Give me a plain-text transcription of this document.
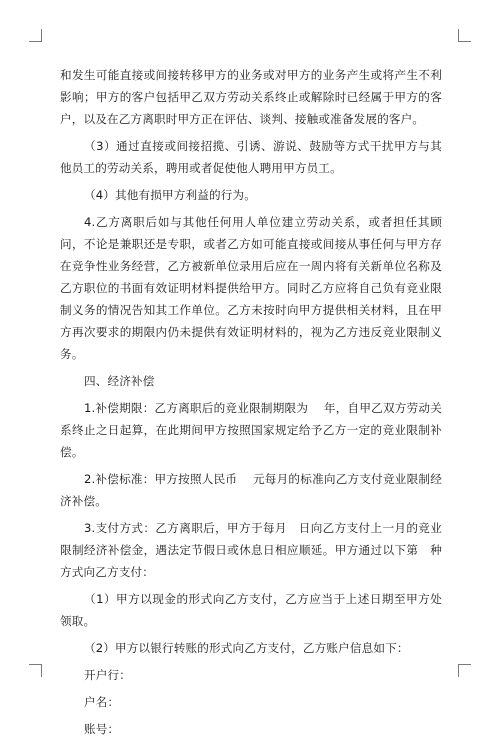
和发生可能直接或间接转移甲方的业务或对甲方的业务产生或将产生不利影响；甲方的客户包括甲乙双方劳动关系终止或解除时已经属于甲方的客户，以及在乙方离职时甲方正在评估、谈判、接触或准备发展的客户。

（3）通过直接或间接招揽、引诱、游说、鼓励等方式干扰甲方与其他员工的劳动关系，聘用或者促使他人聘用甲方员工。

（4）其他有损甲方利益的行为。

4.乙方离职后如与其他任何用人单位建立劳动关系，或者担任其顾问，不论是兼职还是专职，或者乙方如可能直接或间接从事任何与甲方存在竞争性业务经营，乙方被新单位录用后应在一周内将有关新单位名称及乙方职位的书面有效证明材料提供给甲方。同时乙方应将自己负有竞业限制义务的情况告知其工作单位。乙方未按时向甲方提供相关材料，且在甲方再次要求的期限内仍未提供有效证明材料的，视为乙方违反竞业限制义务。

四、经济补偿

1.补偿期限：乙方离职后的竞业限制期限为　 年，自甲乙双方劳动关系终止之日起算，在此期间甲方按照国家规定给予乙方一定的竞业限制补偿。

2.补偿标准：甲方按照人民币　 元每月的标准向乙方支付竞业限制经济补偿。

3.支付方式：乙方离职后，甲方于每月　日向乙方支付上一月的竞业限制经济补偿金，遇法定节假日或休息日相应顺延。甲方通过以下第　种方式向乙方支付：

（1）甲方以现金的形式向乙方支付，乙方应当于上述日期至甲方处领取。

（2）甲方以银行转账的形式向乙方支付，乙方账户信息如下：

开户行：

户名：

账号：
